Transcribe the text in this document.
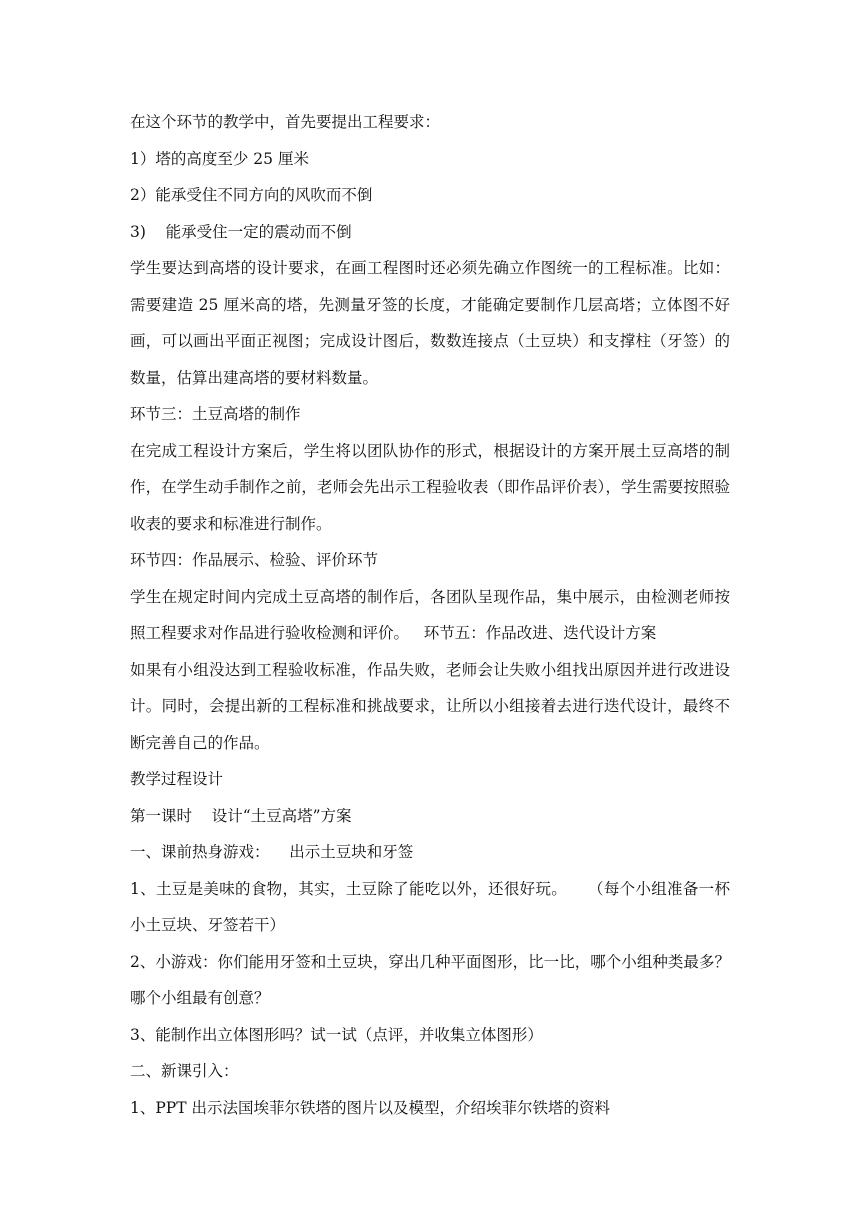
在这个环节的教学中，首先要提出工程要求：

1）塔的高度至少 25 厘米

2）能承受住不同方向的风吹而不倒

3)    能承受住一定的震动而不倒

学生要达到高塔的设计要求，在画工程图时还必须先确立作图统一的工程标准。比如：需要建造 25 厘米高的塔，先测量牙签的长度，才能确定要制作几层高塔；立体图不好画，可以画出平面正视图；完成设计图后，数数连接点（土豆块）和支撑柱（牙签）的数量，估算出建高塔的要材料数量。

环节三：土豆高塔的制作

在完成工程设计方案后，学生将以团队协作的形式，根据设计的方案开展土豆高塔的制作，在学生动手制作之前，老师会先出示工程验收表（即作品评价表），学生需要按照验收表的要求和标准进行制作。

环节四：作品展示、检验、评价环节

学生在规定时间内完成土豆高塔的制作后，各团队呈现作品，集中展示，由检测老师按照工程要求对作品进行验收检测和评价。   环节五：作品改进、迭代设计方案

如果有小组没达到工程验收标准，作品失败，老师会让失败小组找出原因并进行改进设计。同时，会提出新的工程标准和挑战要求，让所以小组接着去进行迭代设计，最终不断完善自己的作品。

教学过程设计

第一课时    设计“土豆高塔”方案

一、课前热身游戏：    出示土豆块和牙签

1、土豆是美味的食物，其实，土豆除了能吃以外，还很好玩。    （每个小组准备一杯小土豆块、牙签若干）

2、小游戏：你们能用牙签和土豆块，穿出几种平面图形，比一比，哪个小组种类最多？哪个小组最有创意？

3、能制作出立体图形吗？试一试（点评，并收集立体图形）

二、新课引入：

1、PPT 出示法国埃菲尔铁塔的图片以及模型，介绍埃菲尔铁塔的资料
